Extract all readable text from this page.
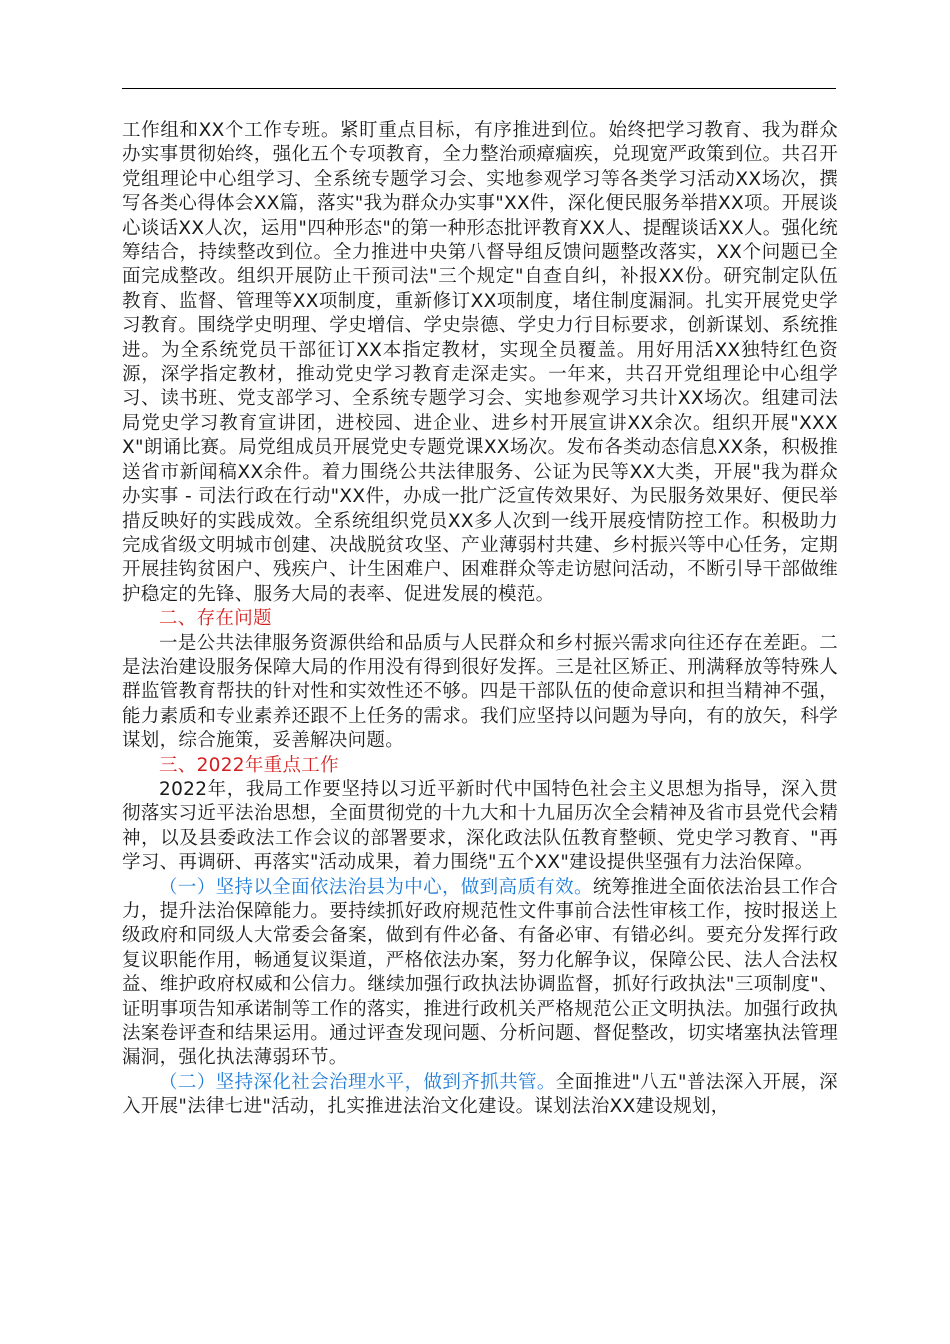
工作组和XX个工作专班。紧盯重点目标，有序推进到位。始终把学习教育、我为群众办实事贯彻始终，强化五个专项教育，全力整治顽瘴痼疾，兑现宽严政策到位。共召开党组理论中心组学习、全系统专题学习会、实地参观学习等各类学习活动XX场次，撰写各类心得体会XX篇，落实"我为群众办实事"XX件，深化便民服务举措XX项。开展谈心谈话XX人次，运用"四种形态"的第一种形态批评教育XX人、提醒谈话XX人。强化统筹结合，持续整改到位。全力推进中央第八督导组反馈问题整改落实，XX个问题已全面完成整改。组织开展防止干预司法"三个规定"自查自纠，补报XX份。研究制定队伍教育、监督、管理等XX项制度，重新修订XX项制度，堵住制度漏洞。扎实开展党史学习教育。围绕学史明理、学史增信、学史崇德、学史力行目标要求，创新谋划、系统推进。为全系统党员干部征订XX本指定教材，实现全员覆盖。用好用活XX独特红色资源，深学指定教材，推动党史学习教育走深走实。一年来，共召开党组理论中心组学习、读书班、党支部学习、全系统专题学习会、实地参观学习共计XX场次。组建司法局党史学习教育宣讲团，进校园、进企业、进乡村开展宣讲XX余次。组织开展"XXXX"朗诵比赛。局党组成员开展党史专题党课XX场次。发布各类动态信息XX条，积极推送省市新闻稿XX余件。着力围绕公共法律服务、公证为民等XX大类，开展"我为群众办实事 - 司法行政在行动"XX件，办成一批广泛宣传效果好、为民服务效果好、便民举措反映好的实践成效。全系统组织党员XX多人次到一线开展疫情防控工作。积极助力完成省级文明城市创建、决战脱贫攻坚、产业薄弱村共建、乡村振兴等中心任务，定期开展挂钩贫困户、残疾户、计生困难户、困难群众等走访慰问活动，不断引导干部做维护稳定的先锋、服务大局的表率、促进发展的模范。

二、存在问题

一是公共法律服务资源供给和品质与人民群众和乡村振兴需求向往还存在差距。二是法治建设服务保障大局的作用没有得到很好发挥。三是社区矫正、刑满释放等特殊人群监管教育帮扶的针对性和实效性还不够。四是干部队伍的使命意识和担当精神不强，能力素质和专业素养还跟不上任务的需求。我们应坚持以问题为导向，有的放矢，科学谋划，综合施策，妥善解决问题。

三、2022年重点工作

2022年，我局工作要坚持以习近平新时代中国特色社会主义思想为指导，深入贯彻落实习近平法治思想，全面贯彻党的十九大和十九届历次全会精神及省市县党代会精神，以及县委政法工作会议的部署要求，深化政法队伍教育整顿、党史学习教育、"再学习、再调研、再落实"活动成果，着力围绕"五个XX"建设提供坚强有力法治保障。

（一）坚持以全面依法治县为中心，做到高质有效。统筹推进全面依法治县工作合力，提升法治保障能力。要持续抓好政府规范性文件事前合法性审核工作，按时报送上级政府和同级人大常委会备案，做到有件必备、有备必审、有错必纠。要充分发挥行政复议职能作用，畅通复议渠道，严格依法办案，努力化解争议，保障公民、法人合法权益、维护政府权威和公信力。继续加强行政执法协调监督，抓好行政执法"三项制度"、证明事项告知承诺制等工作的落实，推进行政机关严格规范公正文明执法。加强行政执法案卷评查和结果运用。通过评查发现问题、分析问题、督促整改，切实堵塞执法管理漏洞，强化执法薄弱环节。

（二）坚持深化社会治理水平，做到齐抓共管。全面推进"八五"普法深入开展，深入开展"法律七进"活动，扎实推进法治文化建设。谋划法治XX建设规划，
